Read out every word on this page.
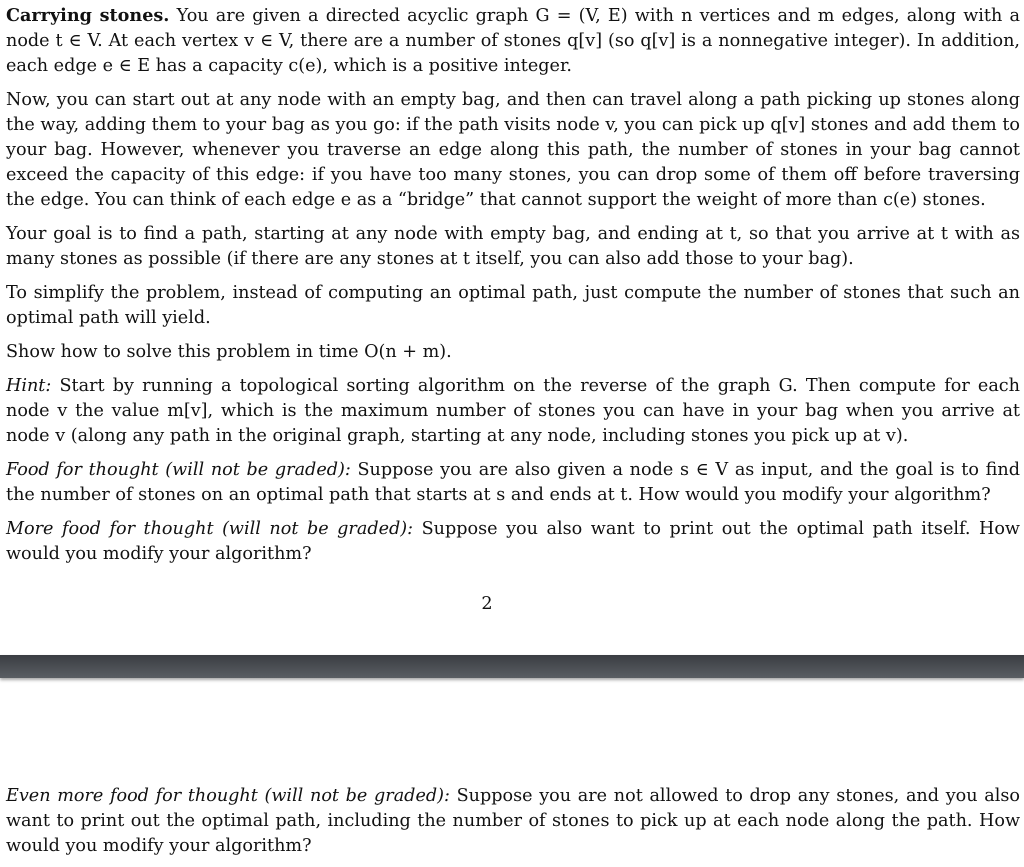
Carrying stones. You are given a directed acyclic graph G = (V, E) with n vertices and m edges, along with a node t ∈ V. At each vertex v ∈ V, there are a number of stones q[v] (so q[v] is a nonnegative integer). In addition, each edge e ∈ E has a capacity c(e), which is a positive integer.

Now, you can start out at any node with an empty bag, and then can travel along a path picking up stones along the way, adding them to your bag as you go: if the path visits node v, you can pick up q[v] stones and add them to your bag. However, whenever you traverse an edge along this path, the number of stones in your bag cannot exceed the capacity of this edge: if you have too many stones, you can drop some of them off before traversing the edge. You can think of each edge e as a “bridge” that cannot support the weight of more than c(e) stones.

Your goal is to find a path, starting at any node with empty bag, and ending at t, so that you arrive at t with as many stones as possible (if there are any stones at t itself, you can also add those to your bag).

To simplify the problem, instead of computing an optimal path, just compute the number of stones that such an optimal path will yield.

Show how to solve this problem in time O(n + m).

Hint: Start by running a topological sorting algorithm on the reverse of the graph G. Then compute for each node v the value m[v], which is the maximum number of stones you can have in your bag when you arrive at node v (along any path in the original graph, starting at any node, including stones you pick up at v).

Food for thought (will not be graded): Suppose you are also given a node s ∈ V as input, and the goal is to find the number of stones on an optimal path that starts at s and ends at t. How would you modify your algorithm?

More food for thought (will not be graded): Suppose you also want to print out the optimal path itself. How would you modify your algorithm?

2

Even more food for thought (will not be graded): Suppose you are not allowed to drop any stones, and you also want to print out the optimal path, including the number of stones to pick up at each node along the path. How would you modify your algorithm?
